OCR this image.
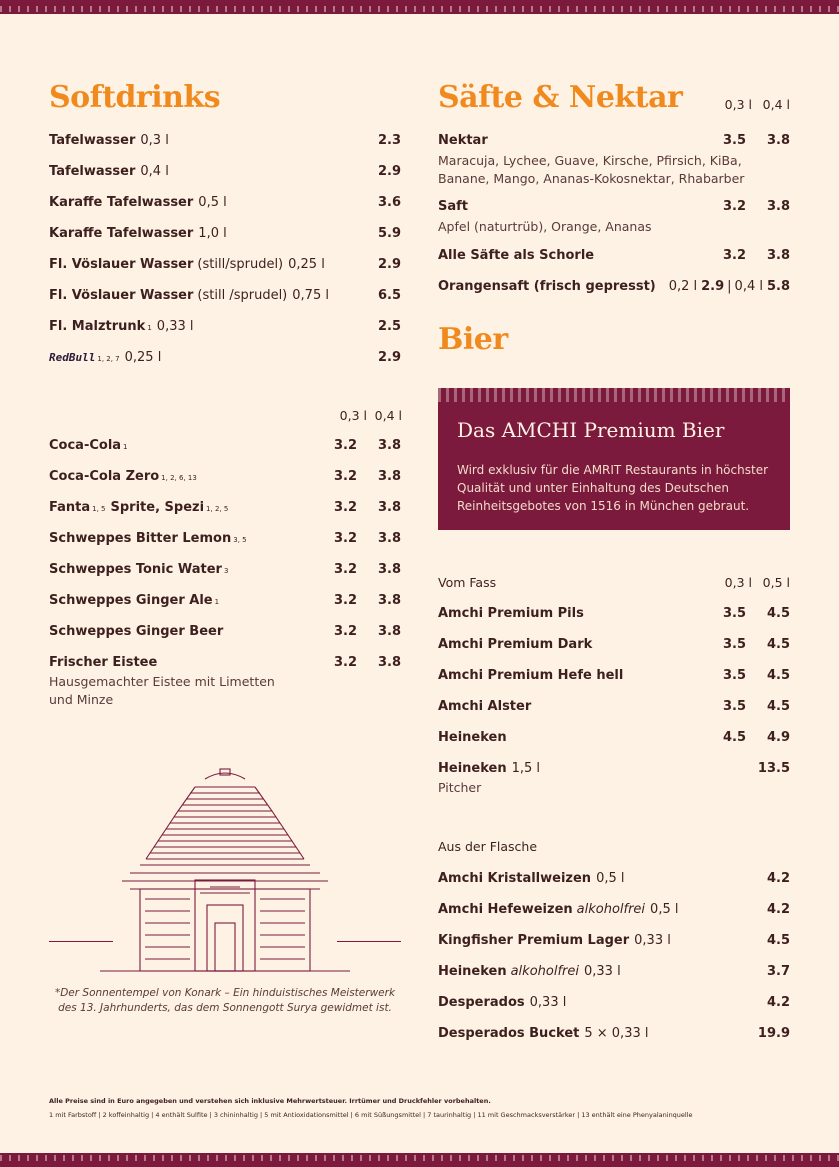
Softdrinks
Tafelwasser 0,3 l	2.3
Tafelwasser 0,4 l	2.9
Karaffe Tafelwasser 0,5 l	3.6
Karaffe Tafelwasser 1,0 l	5.9
Fl. Vöslauer Wasser (still/sprudel) 0,25 l	2.9
Fl. Vöslauer Wasser (still /sprudel) 0,75 l	6.5
Fl. Malztrunk 1 0,33 l	2.5
RedBull 1, 2, 7 0,25 l	2.9
0,3 l 0,4 l
Coca-Cola 1	3.2	3.8
Coca-Cola Zero 1, 2, 6, 13	3.2	3.8
Fanta 1, 5 Sprite, Spezi 1, 2, 5	3.2	3.8
Schweppes Bitter Lemon 3, 5	3.2	3.8
Schweppes Tonic Water 3	3.2	3.8
Schweppes Ginger Ale 1	3.2	3.8
Schweppes Ginger Beer	3.2	3.8
Frischer Eistee	3.2	3.8
Hausgemachter Eistee mit Limetten
und Minze
*Der Sonnentempel von Konark – Ein hinduistisches Meisterwerk
des 13. Jahrhunderts, das dem Sonnengott Surya gewidmet ist.
Säfte & Nektar	0,3 l 0,4 l
Nektar	3.5	3.8
Maracuja, Lychee, Guave, Kirsche, Pfirsich, KiBa,
Banane, Mango, Ananas-Kokosnektar, Rhabarber
Saft	3.2	3.8
Apfel (naturtrüb), Orange, Ananas
Alle Säfte als Schorle	3.2	3.8
Orangensaft (frisch gepresst) 0,2 l 2.9 | 0,4 l 5.8
Bier
Das AMCHI Premium Bier
Wird exklusiv für die AMRIT Restaurants in höchster
Qualität und unter Einhaltung des Deutschen
Reinheitsgebotes von 1516 in München gebraut.
Vom Fass	0,3 l 0,5 l
Amchi Premium Pils	3.5	4.5
Amchi Premium Dark	3.5	4.5
Amchi Premium Hefe hell	3.5	4.5
Amchi Alster	3.5	4.5
Heineken	4.5	4.9
Heineken 1,5 l	13.5
Pitcher
Aus der Flasche
Amchi Kristallweizen 0,5 l	4.2
Amchi Hefeweizen alkoholfrei 0,5 l	4.2
Kingfisher Premium Lager 0,33 l	4.5
Heineken alkoholfrei 0,33 l	3.7
Desperados 0,33 l	4.2
Desperados Bucket 5 × 0,33 l	19.9
Alle Preise sind in Euro angegeben und verstehen sich inklusive Mehrwertsteuer. Irrtümer und Druckfehler vorbehalten.
1 mit Farbstoff | 2 koffeinhaltig | 4 enthält Sulfite | 3 chininhaltig | 5 mit Antioxidationsmittel | 6 mit Süßungsmittel | 7 taurinhaltig | 11 mit Geschmacksverstärker | 13 enthält eine Phenyalaninquelle
